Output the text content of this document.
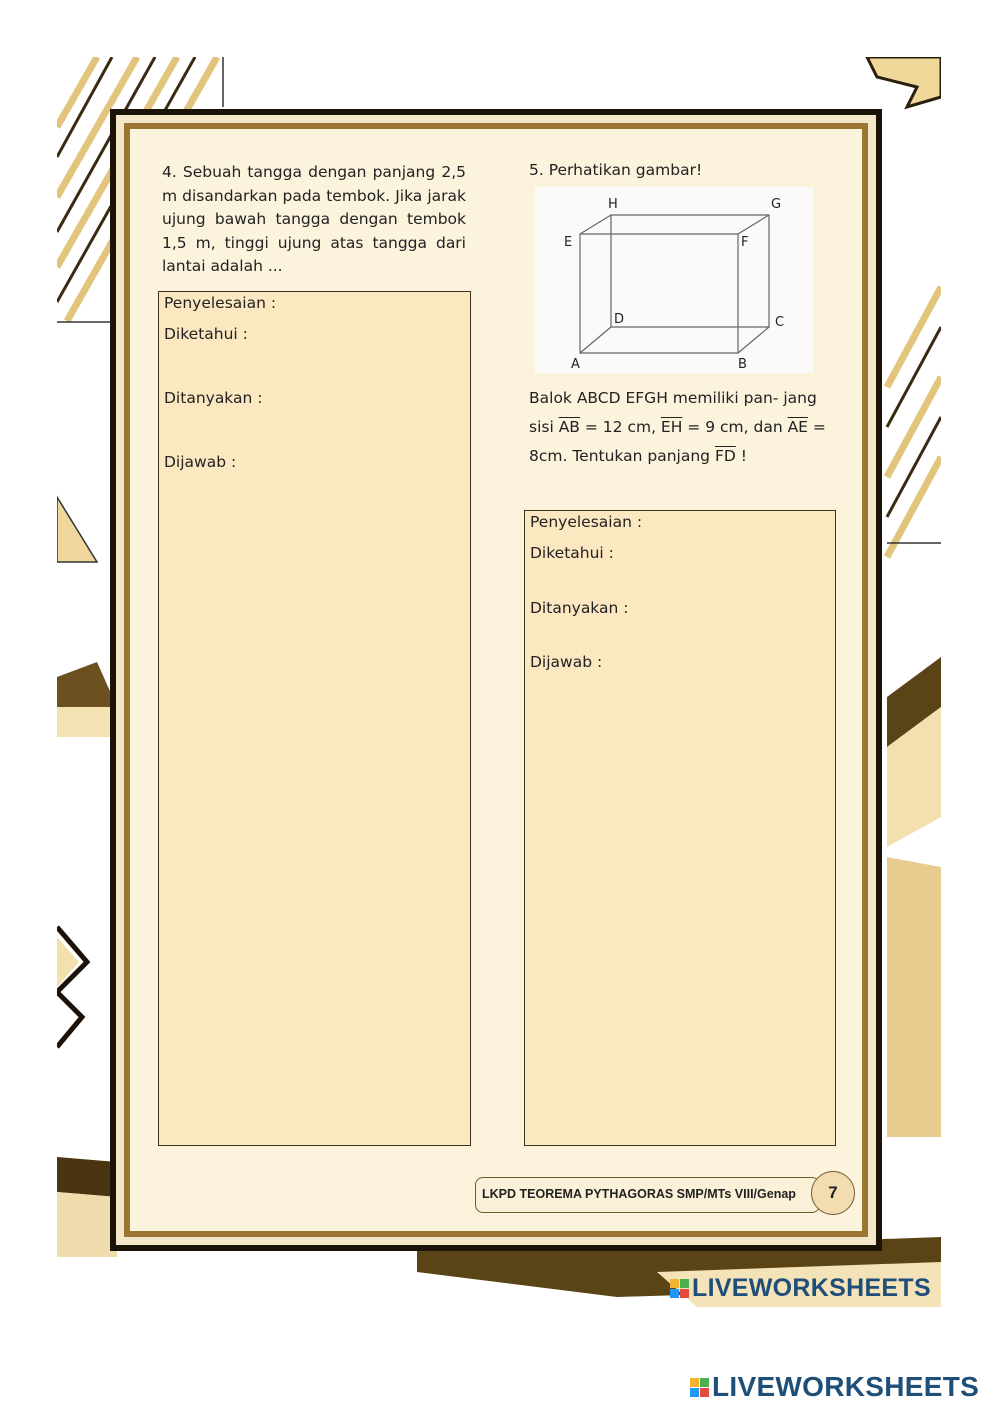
4. Sebuah tangga dengan panjang 2,5 m disandarkan pada tembok. Jika jarak ujung bawah tangga dengan tembok 1,5 m, tinggi ujung atas tangga dari lantai adalah ...
Penyelesaian :
Diketahui :
Ditanyakan :
Dijawab :
5. Perhatikan gambar!
H	G
E	F
D	C
A	B
Balok ABCD EFGH memiliki pan- jang sisi $\overline{AB} = 12$ cm, $\overline{EH} = 9$ cm, dan $\overline{AE} = 8cm$. Tentukan panjang $\overline{FD}$ !
Penyelesaian :
Diketahui :
Ditanyakan :
Dijawab :
LKPD TEOREMA PYTHAGORAS SMP/MTs VIII/Genap	7
LIVEWORKSHEETS
LIVEWORKSHEETS
